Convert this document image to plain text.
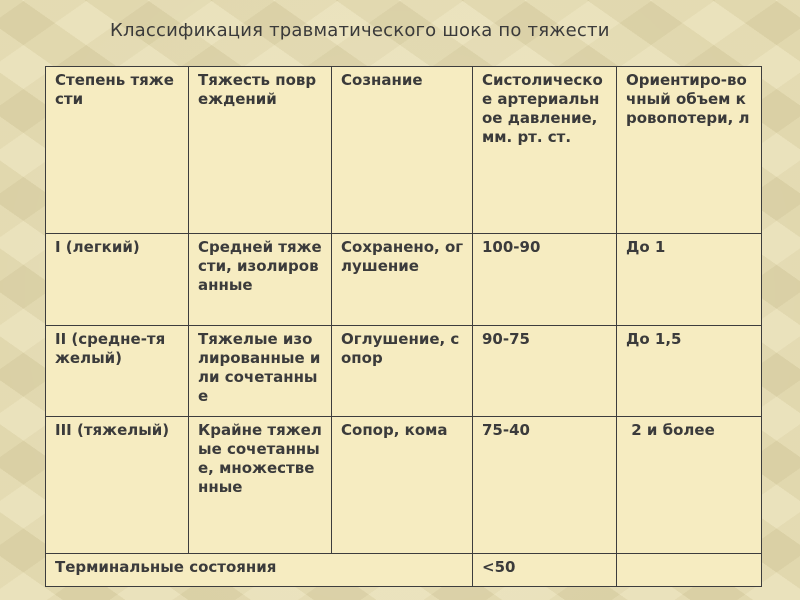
Классификация травматического шока по тяжести
Степень тяжести	Тяжесть повреждений	Сознание	Систолическое артериальное давление, мм. рт. ст.	Ориентиро-вочный объем кровопотери, л
I (легкий)	Средней тяжести, изолированные	Сохранено, оглушение	100-90	До 1
II (средне-тяжелый)	Тяжелые изолированные или сочетанные	Оглушение, сопор	90-75	До 1,5
III (тяжелый)	Крайне тяжелые сочетанные, множественные	Сопор, кома	75-40	2 и более
Терминальные состояния			<50	
